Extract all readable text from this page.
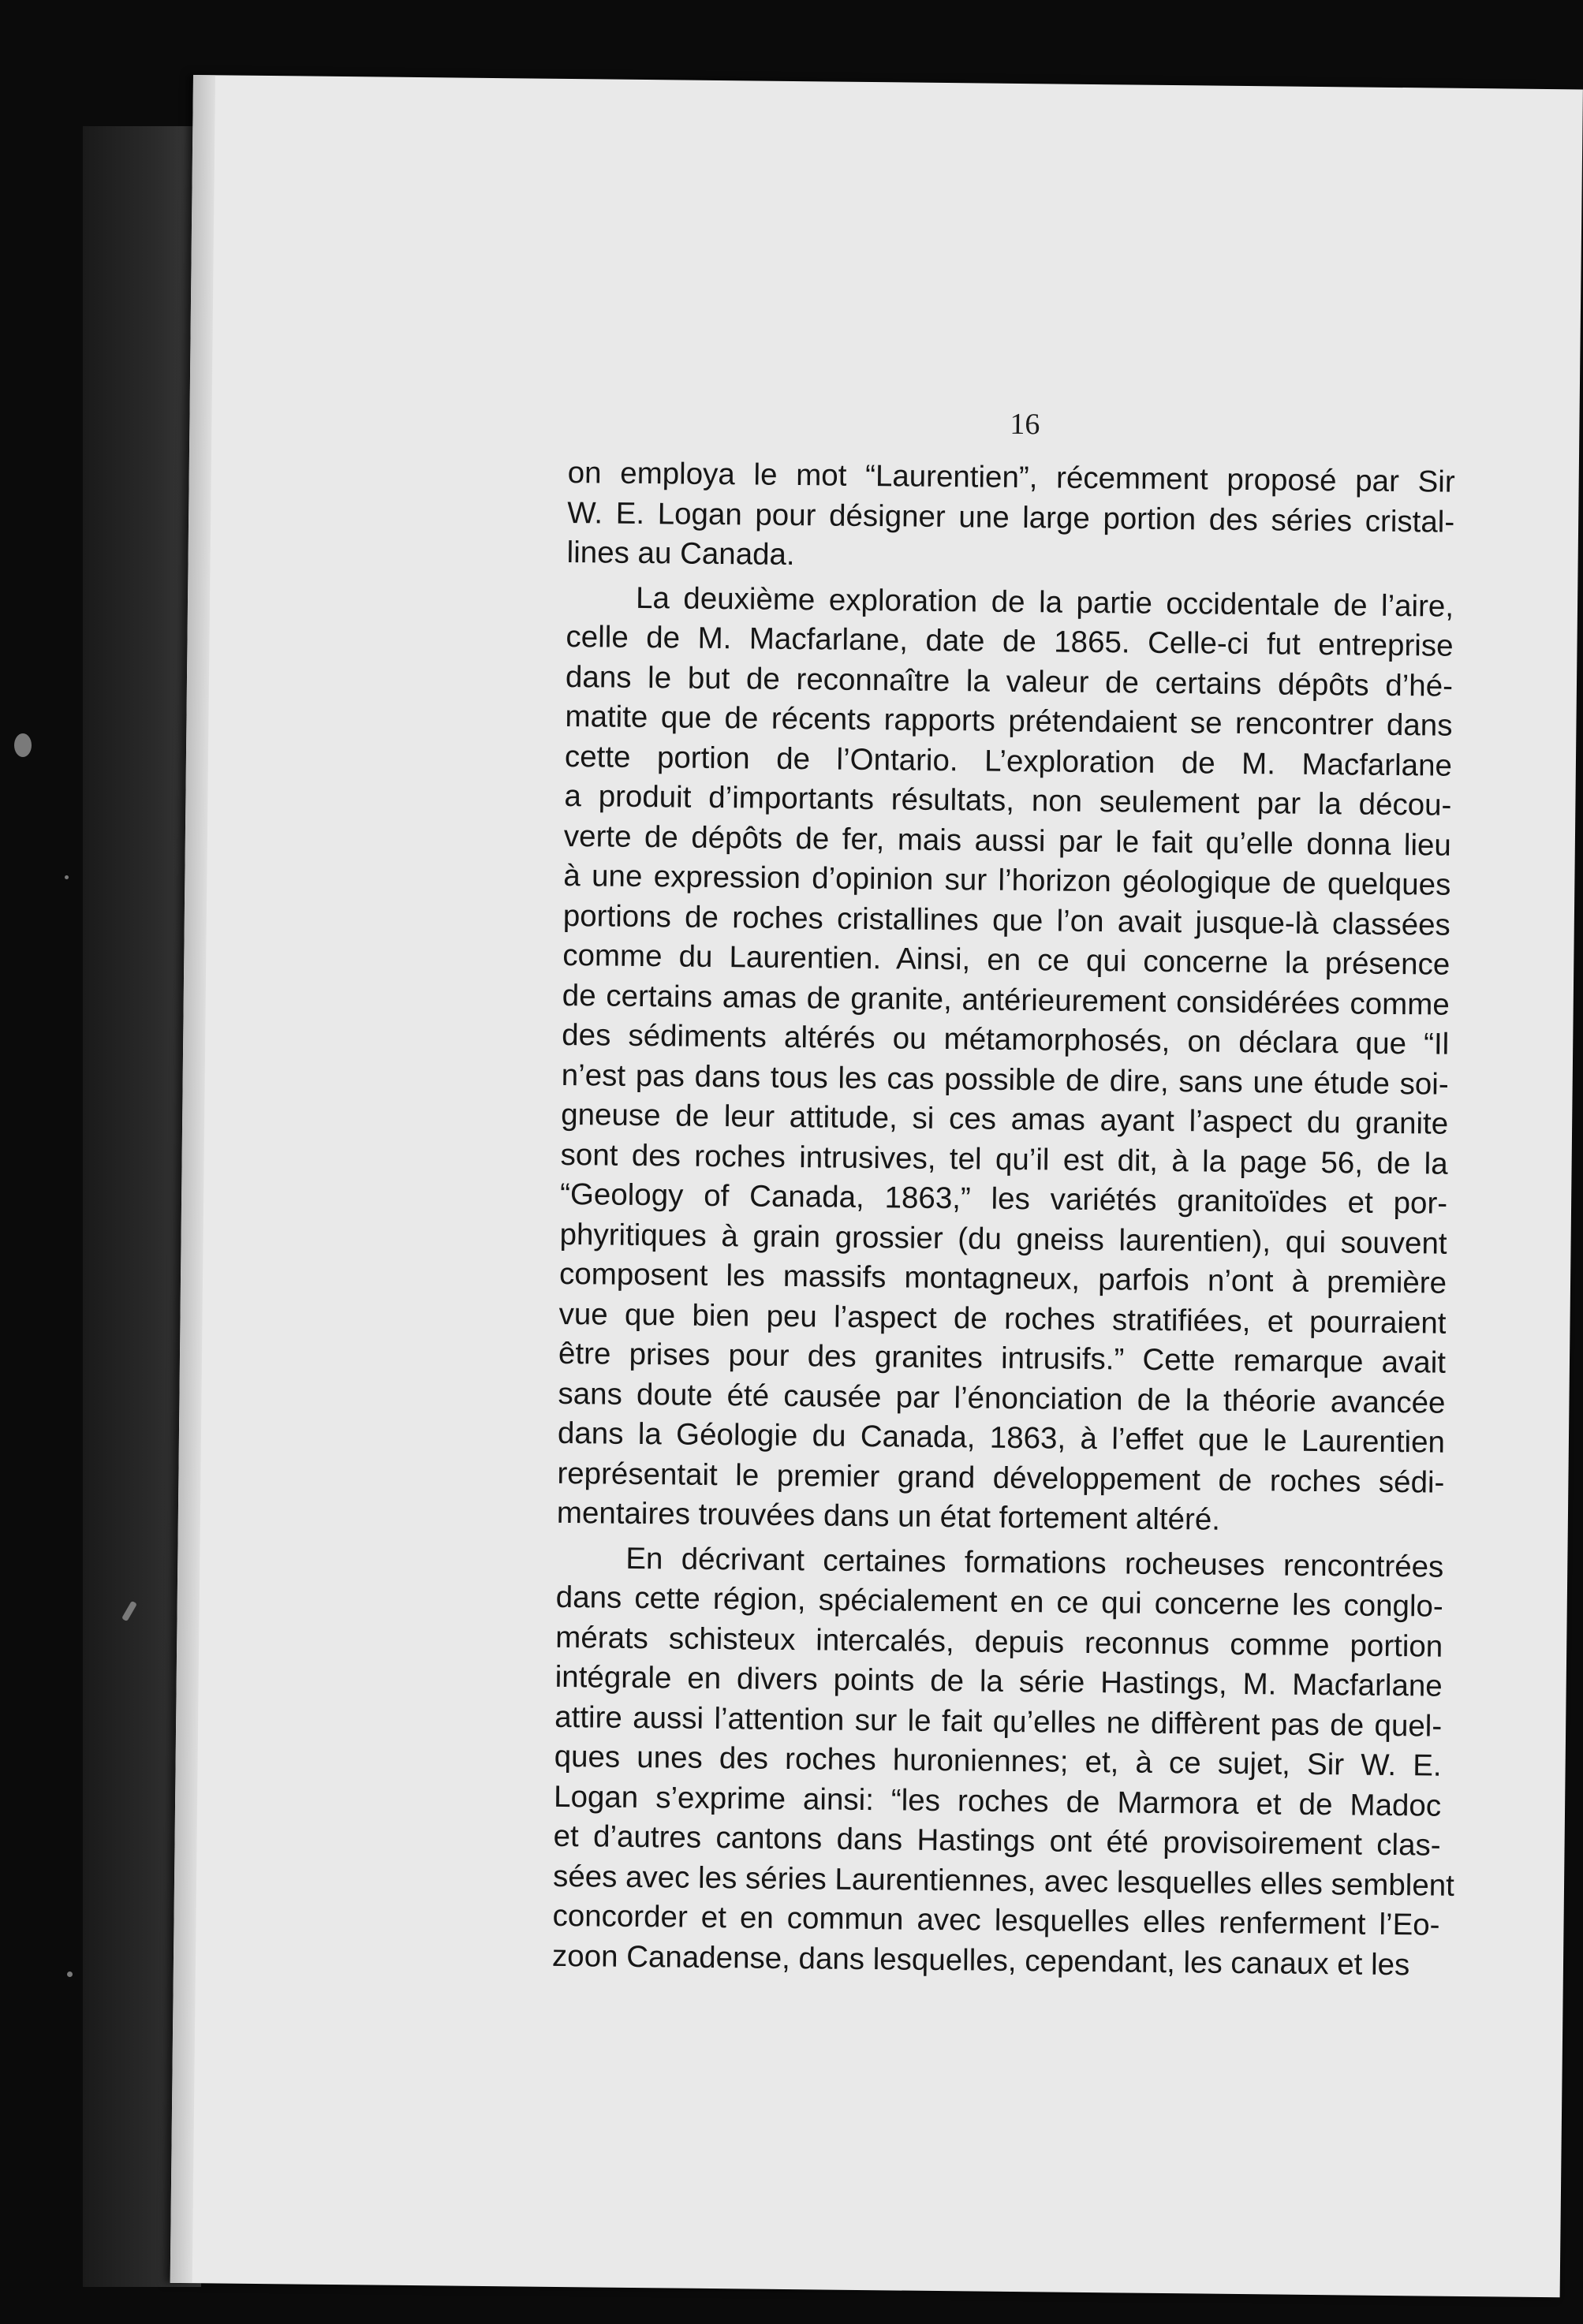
16
on employa le mot “Laurentien”, récemment proposé par Sir
W. E. Logan pour désigner une large portion des séries cristal-
lines au Canada.
La deuxième exploration de la partie occidentale de l’aire,
celle de M. Macfarlane, date de 1865. Celle-ci fut entreprise
dans le but de reconnaître la valeur de certains dépôts d’hé-
matite que de récents rapports prétendaient se rencontrer dans
cette portion de l’Ontario. L’exploration de M. Macfarlane
a produit d’importants résultats, non seulement par la décou-
verte de dépôts de fer, mais aussi par le fait qu’elle donna lieu
à une expression d’opinion sur l’horizon géologique de quelques
portions de roches cristallines que l’on avait jusque-là classées
comme du Laurentien. Ainsi, en ce qui concerne la présence
de certains amas de granite, antérieurement considérées comme
des sédiments altérés ou métamorphosés, on déclara que “Il
n’est pas dans tous les cas possible de dire, sans une étude soi-
gneuse de leur attitude, si ces amas ayant l’aspect du granite
sont des roches intrusives, tel qu’il est dit, à la page 56, de la
“Geology of Canada, 1863,” les variétés granitoïdes et por-
phyritiques à grain grossier (du gneiss laurentien), qui souvent
composent les massifs montagneux, parfois n’ont à première
vue que bien peu l’aspect de roches stratifiées, et pourraient
être prises pour des granites intrusifs.” Cette remarque avait
sans doute été causée par l’énonciation de la théorie avancée
dans la Géologie du Canada, 1863, à l’effet que le Laurentien
représentait le premier grand développement de roches sédi-
mentaires trouvées dans un état fortement altéré.
En décrivant certaines formations rocheuses rencontrées
dans cette région, spécialement en ce qui concerne les conglo-
mérats schisteux intercalés, depuis reconnus comme portion
intégrale en divers points de la série Hastings, M. Macfarlane
attire aussi l’attention sur le fait qu’elles ne diffèrent pas de quel-
ques unes des roches huroniennes; et, à ce sujet, Sir W. E.
Logan s’exprime ainsi: “les roches de Marmora et de Madoc
et d’autres cantons dans Hastings ont été provisoirement clas-
sées avec les séries Laurentiennes, avec lesquelles elles semblent
concorder et en commun avec lesquelles elles renferment l’Eo-
zoon Canadense, dans lesquelles, cependant, les canaux et les
